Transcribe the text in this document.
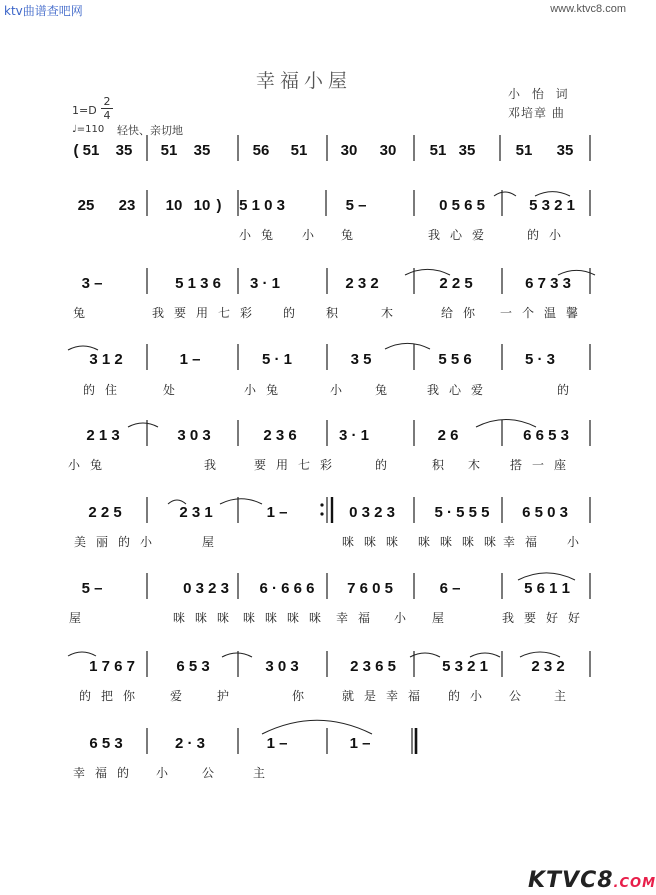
ktv曲谱查吧网	www.ktvc8.com
幸福小屋
小 怡 词
邓培章 曲
1=D
2
4
♩=110 轻快、亲切地
( 51 35 51 35	56 51 30 30 51 35	51 35
25 23 10 10 ) 5 1 0 3	5 –	0 5 6 5	5 3 2 1
小兔 小 兔	我心爱	的小
3 –	5 1 3 6 3 · 1	2 3 2	2 2 5	6 7 3 3
兔	我要用七彩 的 积	木	给你 一个温馨
3 1 2	1 –	5 · 1	3 5	5 5 6	5 · 3
的住	处	小兔	小 兔 我心爱	的
2 1 3	3 0 3	2 3 6	3 · 1	2 6	6 6 5 3
小兔	我 要用七彩	的	积 木 搭一座
2 2 5	2 3 1	1 –	0 3 2 3	5 · 5 5 5 6 5 0 3
美丽的小	屋	咪咪咪 咪咪咪咪
幸福 小
5 –	0 3 2 3 6 · 6 6 6 7 6 0 5	6 –	5 6 1 1
屋	咪咪咪 咪咪咪咪 幸福 小 屋	我要好好
1 7 6 7	6 5 3	3 0 3	2 3 6 5	5 3 2 1	2 3 2
的把你 爱 护	你 就是幸福 的小 公 主
6 5 3	2 · 3	1 –	1 –
幸福的 小 公 主
KTVC8.COM
